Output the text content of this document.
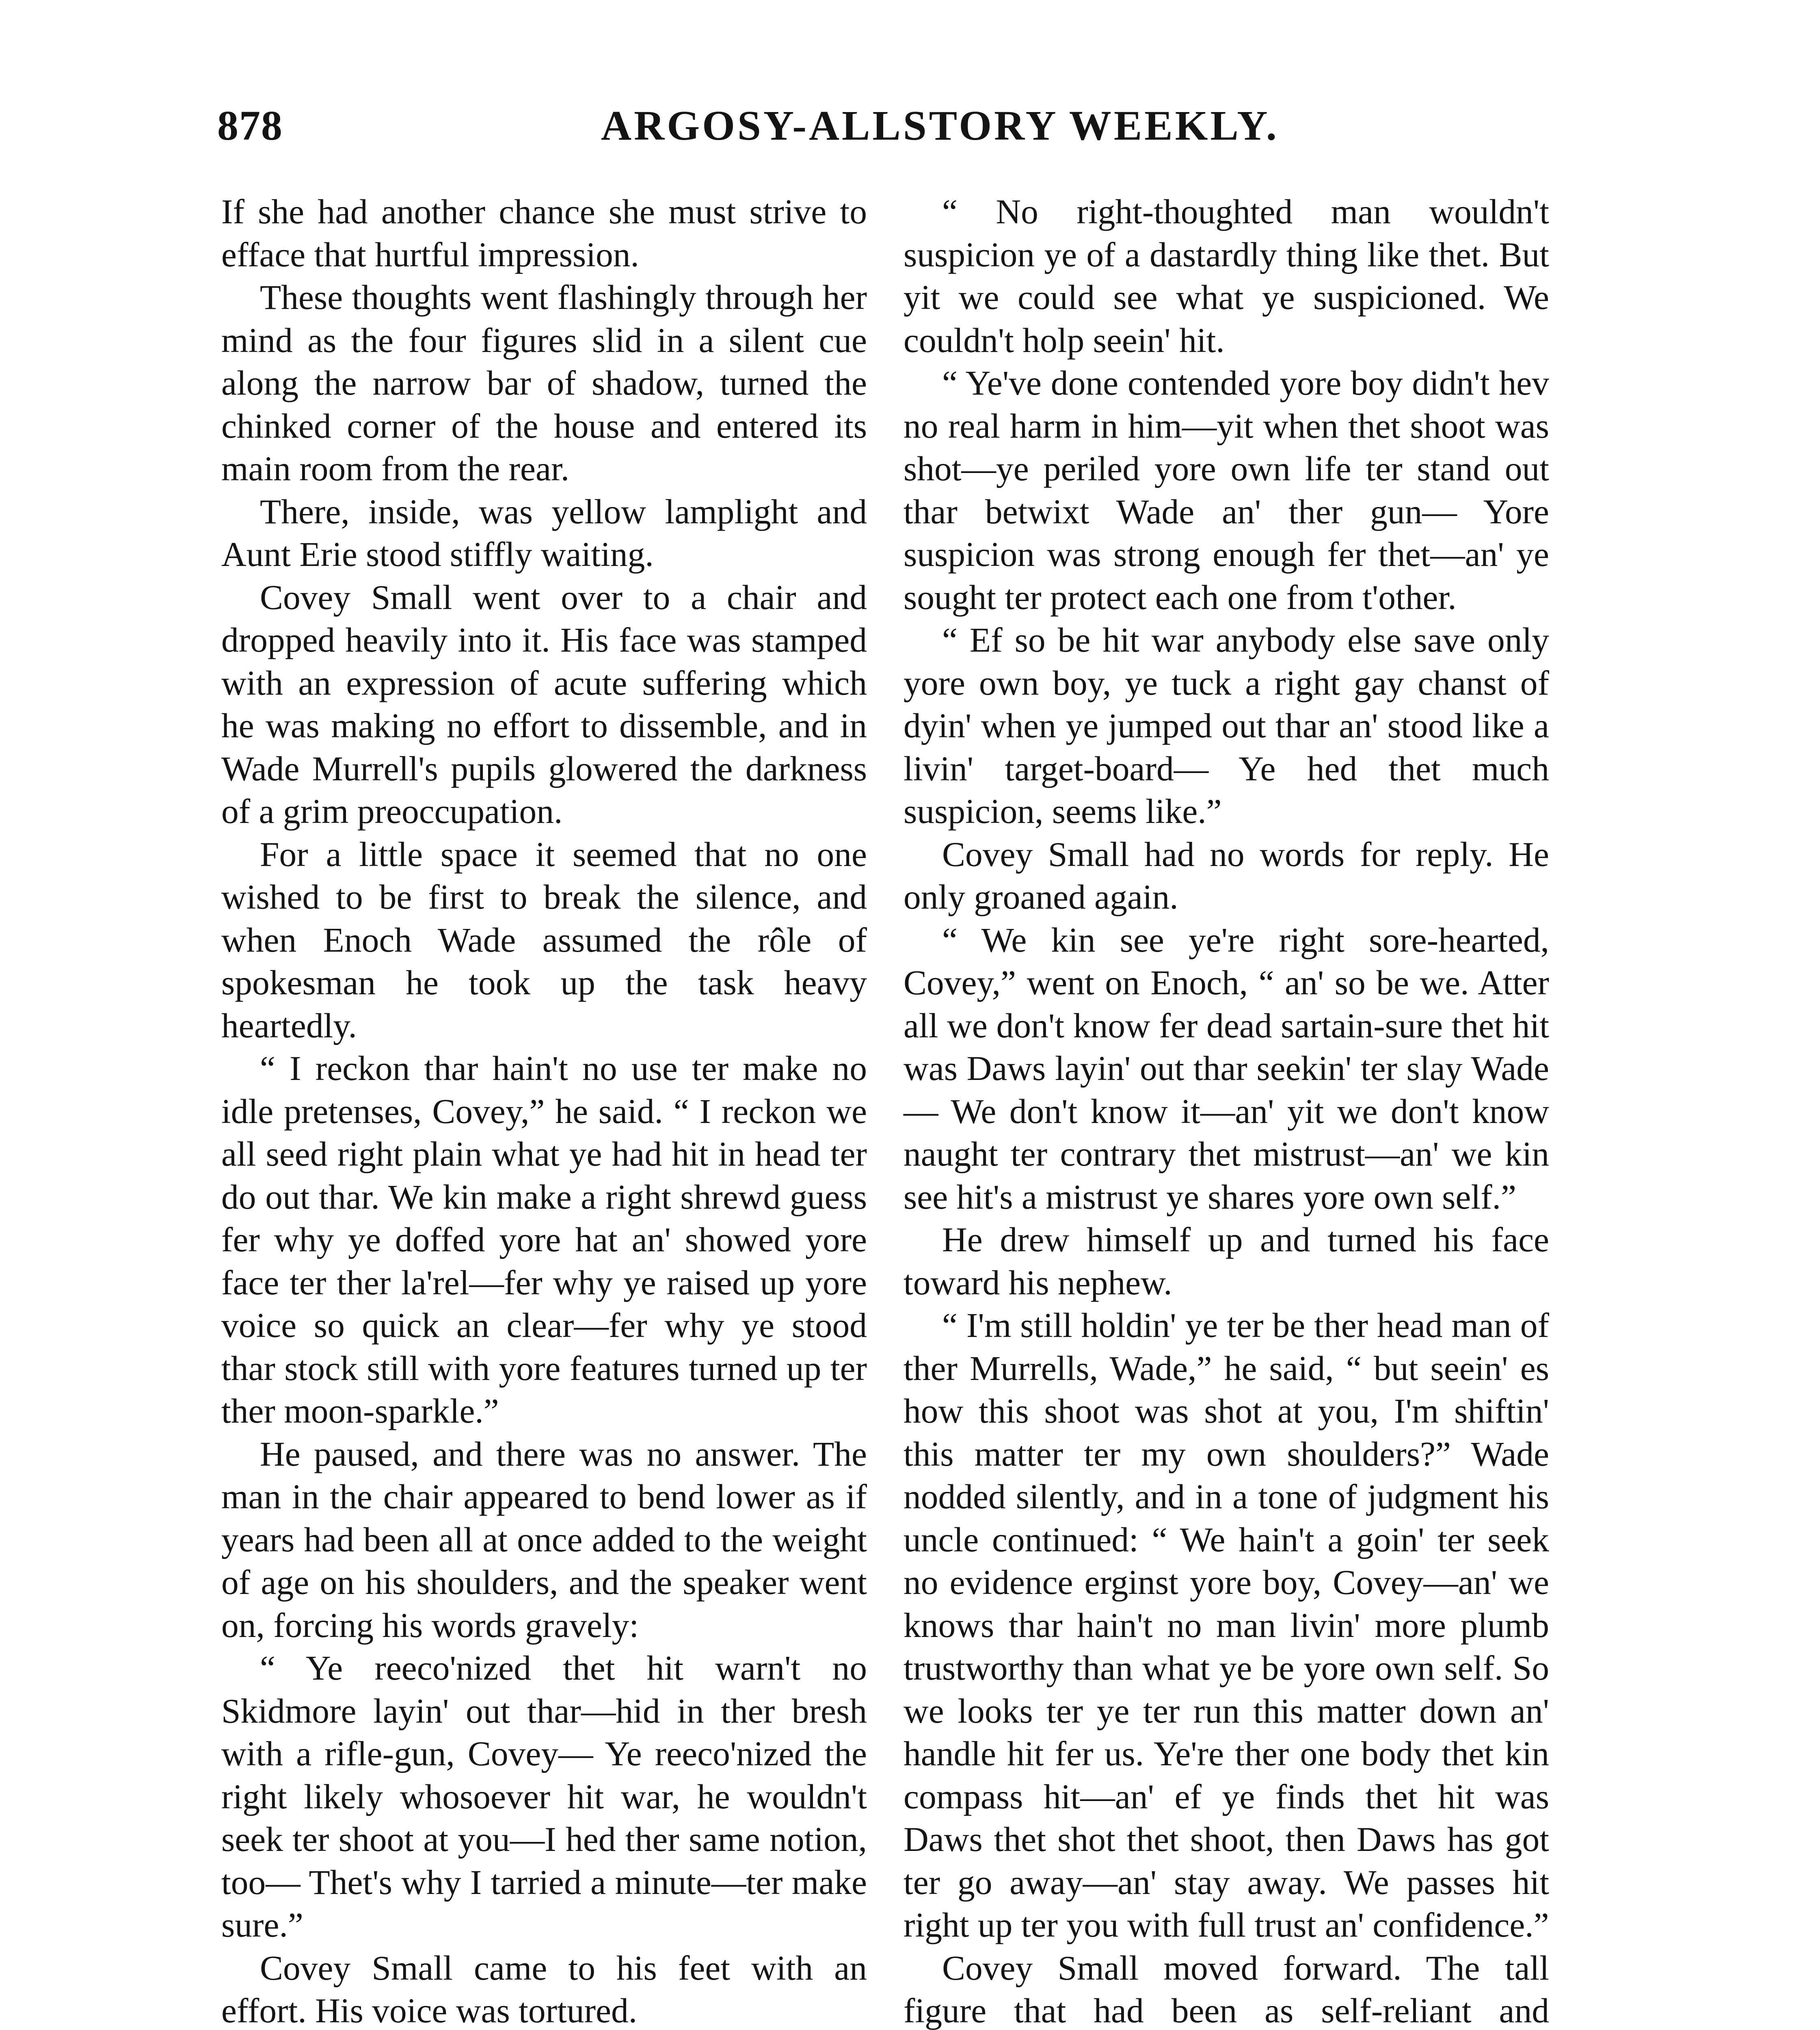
878	ARGOSY-ALLSTORY WEEKLY.

If she had another chance she must strive to efface that hurtful impression.

These thoughts went flashingly through her mind as the four figures slid in a silent cue along the narrow bar of shadow, turned the chinked corner of the house and entered its main room from the rear.

There, inside, was yellow lamplight and Aunt Erie stood stiffly waiting.

Covey Small went over to a chair and dropped heavily into it. His face was stamped with an expression of acute suffering which he was making no effort to dissemble, and in Wade Murrell's pupils glowered the darkness of a grim preoccupation.

For a little space it seemed that no one wished to be first to break the silence, and when Enoch Wade assumed the rôle of spokesman he took up the task heavy heartedly.

“ I reckon thar hain't no use ter make no idle pretenses, Covey,” he said. “ I reckon we all seed right plain what ye had hit in head ter do out thar. We kin make a right shrewd guess fer why ye doffed yore hat an' showed yore face ter ther la'rel—fer why ye raised up yore voice so quick an clear—fer why ye stood thar stock still with yore features turned up ter ther moon-sparkle.”

He paused, and there was no answer. The man in the chair appeared to bend lower as if years had been all at once added to the weight of age on his shoulders, and the speaker went on, forcing his words gravely:

“ Ye reeco'nized thet hit warn't no Skidmore layin' out thar—hid in ther bresh with a rifle-gun, Covey— Ye reeco'nized the right likely whosoever hit war, he wouldn't seek ter shoot at you—I hed ther same notion, too— Thet's why I tarried a minute—ter make sure.”

Covey Small came to his feet with an effort. His voice was tortured.

“ No right-thoughted man wouldn't suspicion ye of a dastardly thing like thet. But yit we could see what ye suspicioned. We couldn't holp seein' hit.

“ Ye've done contended yore boy didn't hev no real harm in him—yit when thet shoot was shot—ye periled yore own life ter stand out thar betwixt Wade an' ther gun— Yore suspicion was strong enough fer thet—an' ye sought ter protect each one from t'other.

“ Ef so be hit war anybody else save only yore own boy, ye tuck a right gay chanst of dyin' when ye jumped out thar an' stood like a livin' target-board— Ye hed thet much suspicion, seems like.”

Covey Small had no words for reply. He only groaned again.

“ We kin see ye're right sore-hearted, Covey,” went on Enoch, “ an' so be we. Atter all we don't know fer dead sartain-sure thet hit was Daws layin' out thar seekin' ter slay Wade— We don't know it—an' yit we don't know naught ter contrary thet mistrust—an' we kin see hit's a mistrust ye shares yore own self.”

He drew himself up and turned his face toward his nephew.

“ I'm still holdin' ye ter be ther head man of ther Murrells, Wade,” he said, “ but seein' es how this shoot was shot at you, I'm shiftin' this matter ter my own shoulders?” Wade nodded silently, and in a tone of judgment his uncle continued: “ We hain't a goin' ter seek no evidence erginst yore boy, Covey—an' we knows thar hain't no man livin' more plumb trustworthy than what ye be yore own self. So we looks ter ye ter run this matter down an' handle hit fer us. Ye're ther one body thet kin compass hit—an' ef ye finds thet hit was Daws thet shot thet shoot, then Daws has got ter go away—an' stay away. We passes hit right up ter you with full trust an' confidence.”

Covey Small moved forward. The tall figure that had been as self-reliant and
